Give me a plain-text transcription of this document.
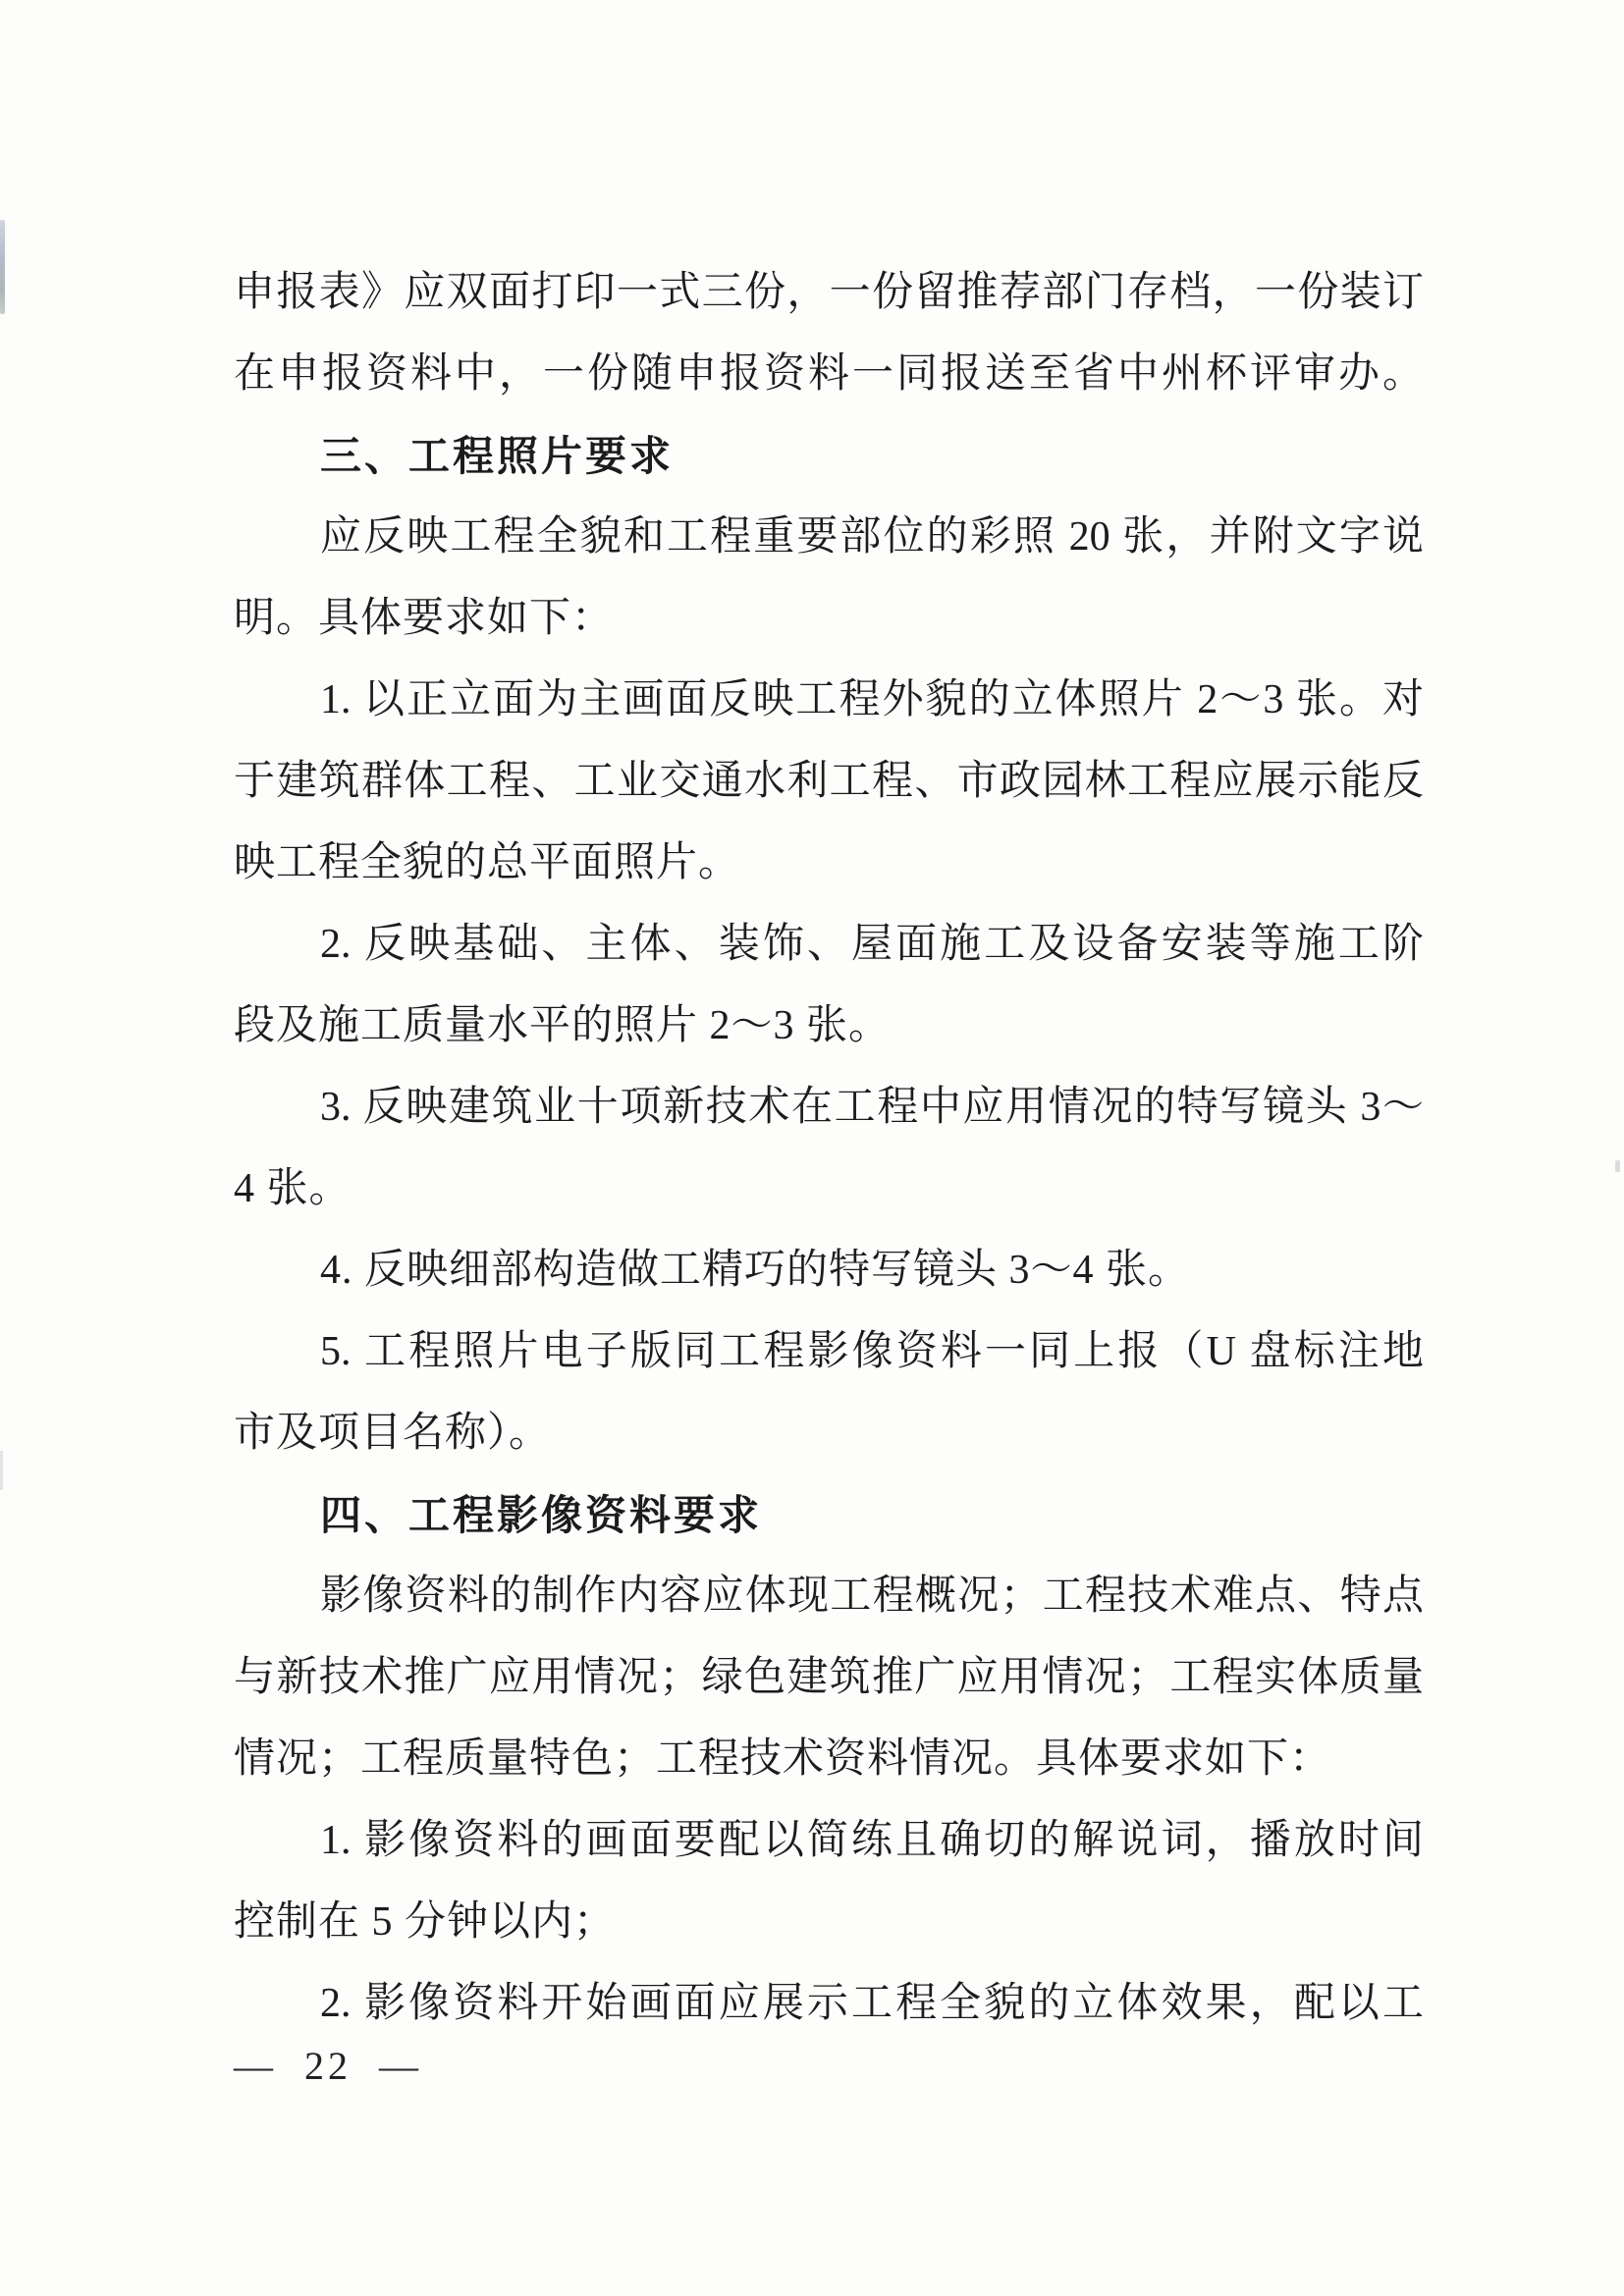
申报表》应双面打印一式三份，一份留推荐部门存档，一份装订

在申报资料中，一份随申报资料一同报送至省中州杯评审办。

三、工程照片要求

应反映工程全貌和工程重要部位的彩照 20 张，并附文字说

明。具体要求如下：

1. 以正立面为主画面反映工程外貌的立体照片 2～3 张。对

于建筑群体工程、工业交通水利工程、市政园林工程应展示能反

映工程全貌的总平面照片。

2. 反映基础、主体、装饰、屋面施工及设备安装等施工阶

段及施工质量水平的照片 2～3 张。

3. 反映建筑业十项新技术在工程中应用情况的特写镜头 3～

4 张。

4. 反映细部构造做工精巧的特写镜头 3～4 张。

5. 工程照片电子版同工程影像资料一同上报（U 盘标注地

市及项目名称）。

四、工程影像资料要求

影像资料的制作内容应体现工程概况；工程技术难点、特点

与新技术推广应用情况；绿色建筑推广应用情况；工程实体质量

情况；工程质量特色；工程技术资料情况。具体要求如下：

1. 影像资料的画面要配以简练且确切的解说词，播放时间

控制在 5 分钟以内；

2. 影像资料开始画面应展示工程全貌的立体效果，配以工

— 22 —
